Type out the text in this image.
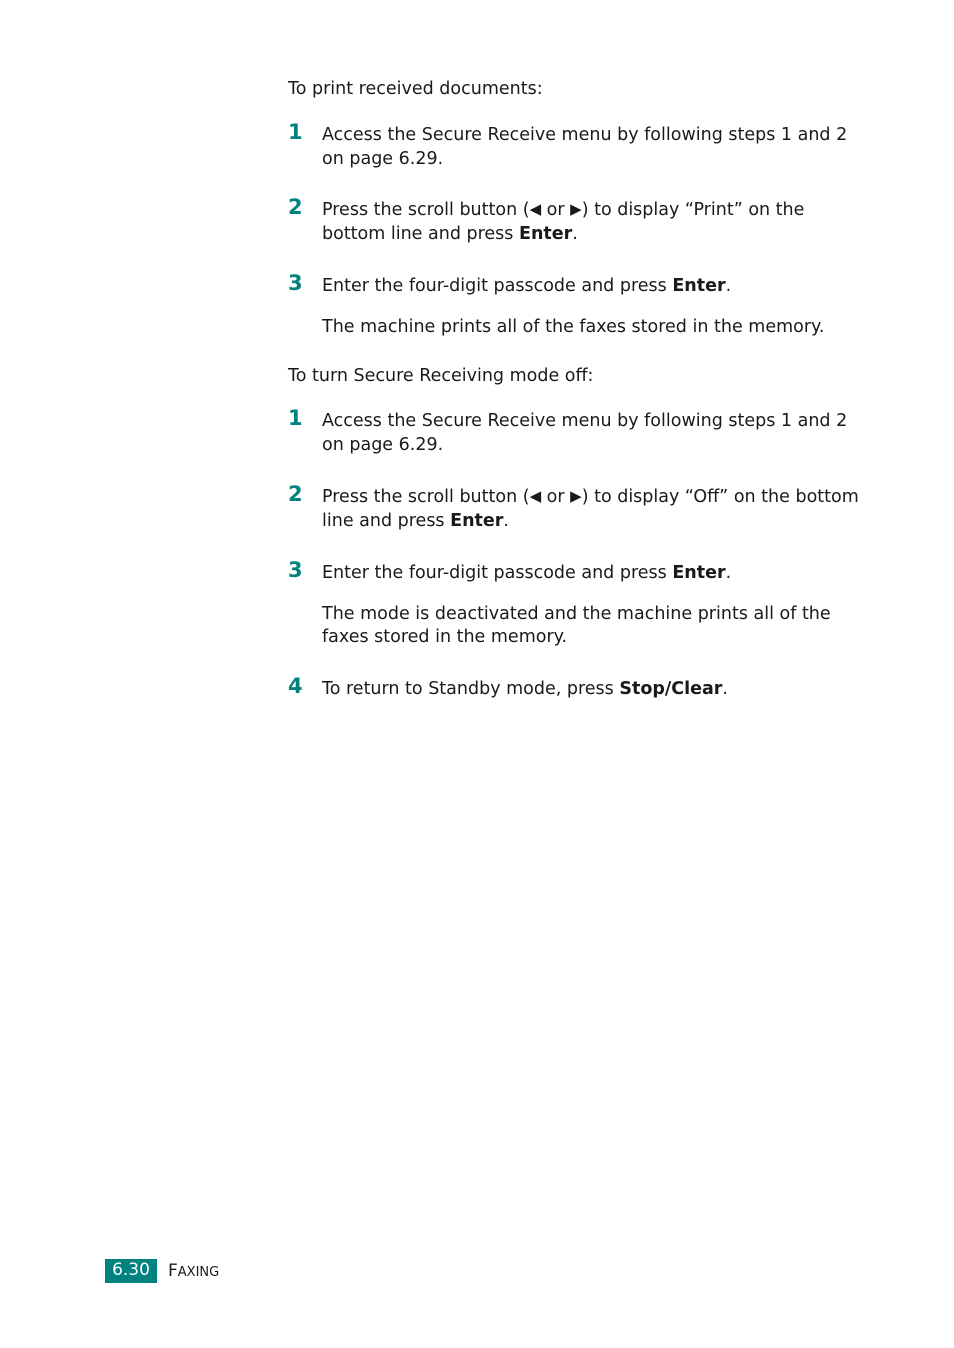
To print received documents:

1	Access the Secure Receive menu by following steps 1 and 2 on page 6.29.
2	Press the scroll button (◀ or ▶) to display “Print” on the bottom line and press Enter.
3	Enter the four-digit passcode and press Enter.

The machine prints all of the faxes stored in the memory.

To turn Secure Receiving mode off:

1	Access the Secure Receive menu by following steps 1 and 2 on page 6.29.
2	Press the scroll button (◀ or ▶) to display “Off” on the bottom line and press Enter.
3	Enter the four-digit passcode and press Enter.

The mode is deactivated and the machine prints all of the faxes stored in the memory.

4	To return to Standby mode, press Stop/Clear.
6.30	FAXING
